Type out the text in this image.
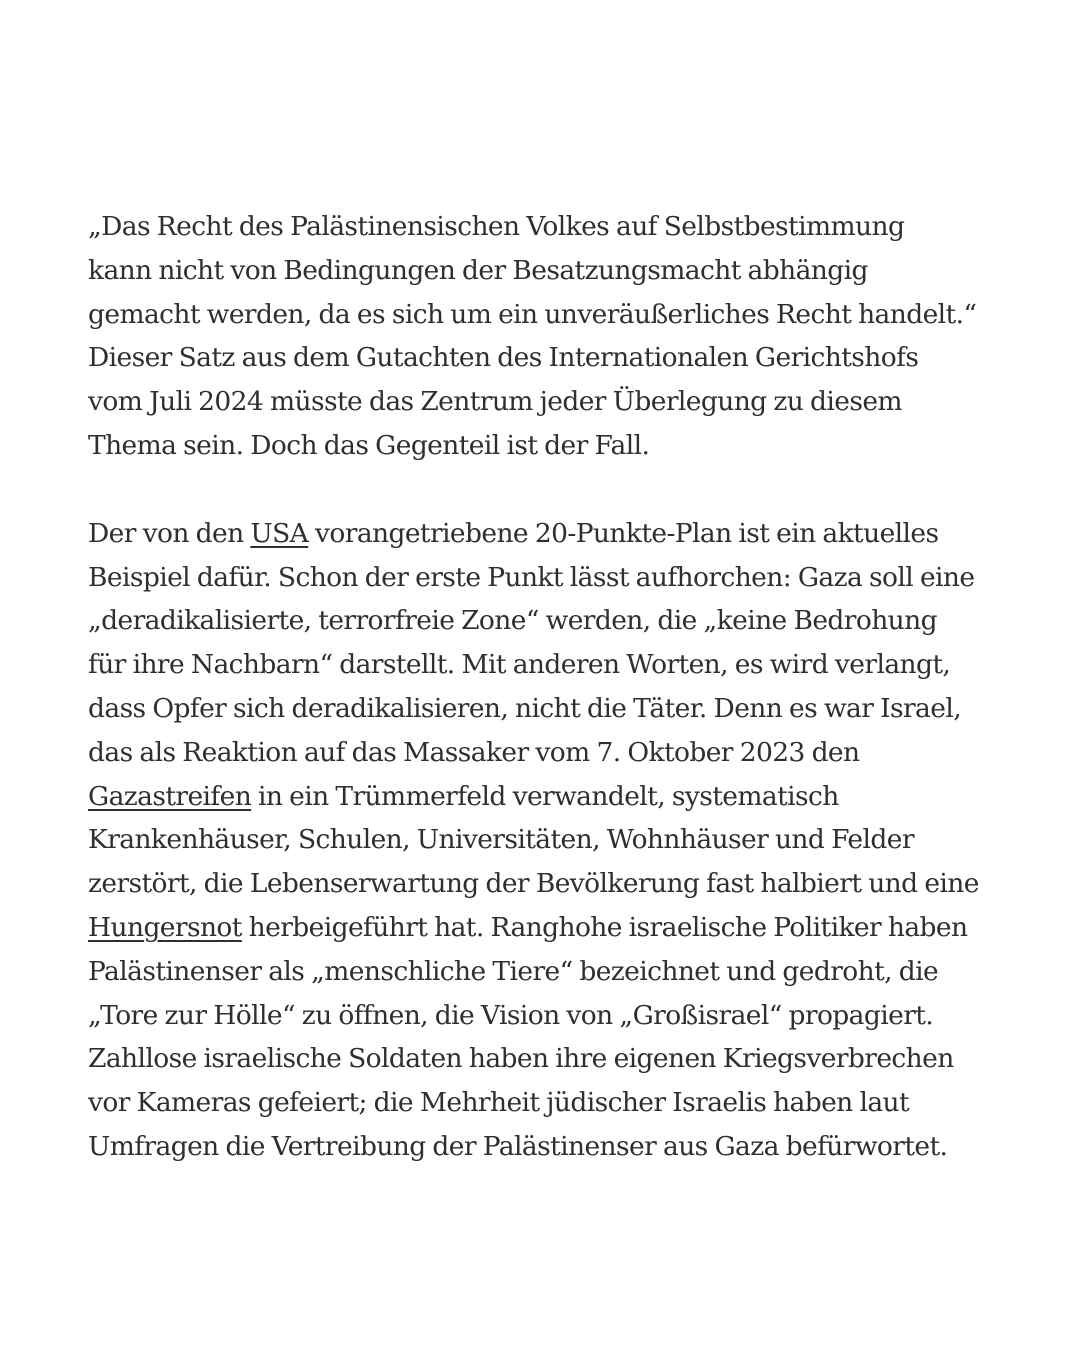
„Das Recht des Palästinensischen Volkes auf Selbstbestimmung
kann nicht von Bedingungen der Besatzungsmacht abhängig
gemacht werden, da es sich um ein unveräußerliches Recht handelt.“
Dieser Satz aus dem Gutachten des Internationalen Gerichtshofs
vom Juli 2024 müsste das Zentrum jeder Überlegung zu diesem
Thema sein. Doch das Gegenteil ist der Fall.

Der von den USA vorangetriebene 20-Punkte-Plan ist ein aktuelles
Beispiel dafür. Schon der erste Punkt lässt aufhorchen: Gaza soll eine
„deradikalisierte, terrorfreie Zone“ werden, die „keine Bedrohung
für ihre Nachbarn“ darstellt. Mit anderen Worten, es wird verlangt,
dass Opfer sich deradikalisieren, nicht die Täter. Denn es war Israel,
das als Reaktion auf das Massaker vom 7. Oktober 2023 den
Gazastreifen in ein Trümmerfeld verwandelt, systematisch
Krankenhäuser, Schulen, Universitäten, Wohnhäuser und Felder
zerstört, die Lebenserwartung der Bevölkerung fast halbiert und eine
Hungersnot herbeigeführt hat. Ranghohe israelische Politiker haben
Palästinenser als „menschliche Tiere“ bezeichnet und gedroht, die
„Tore zur Hölle“ zu öffnen, die Vision von „Großisrael“ propagiert.
Zahllose israelische Soldaten haben ihre eigenen Kriegsverbrechen
vor Kameras gefeiert; die Mehrheit jüdischer Israelis haben laut
Umfragen die Vertreibung der Palästinenser aus Gaza befürwortet.
